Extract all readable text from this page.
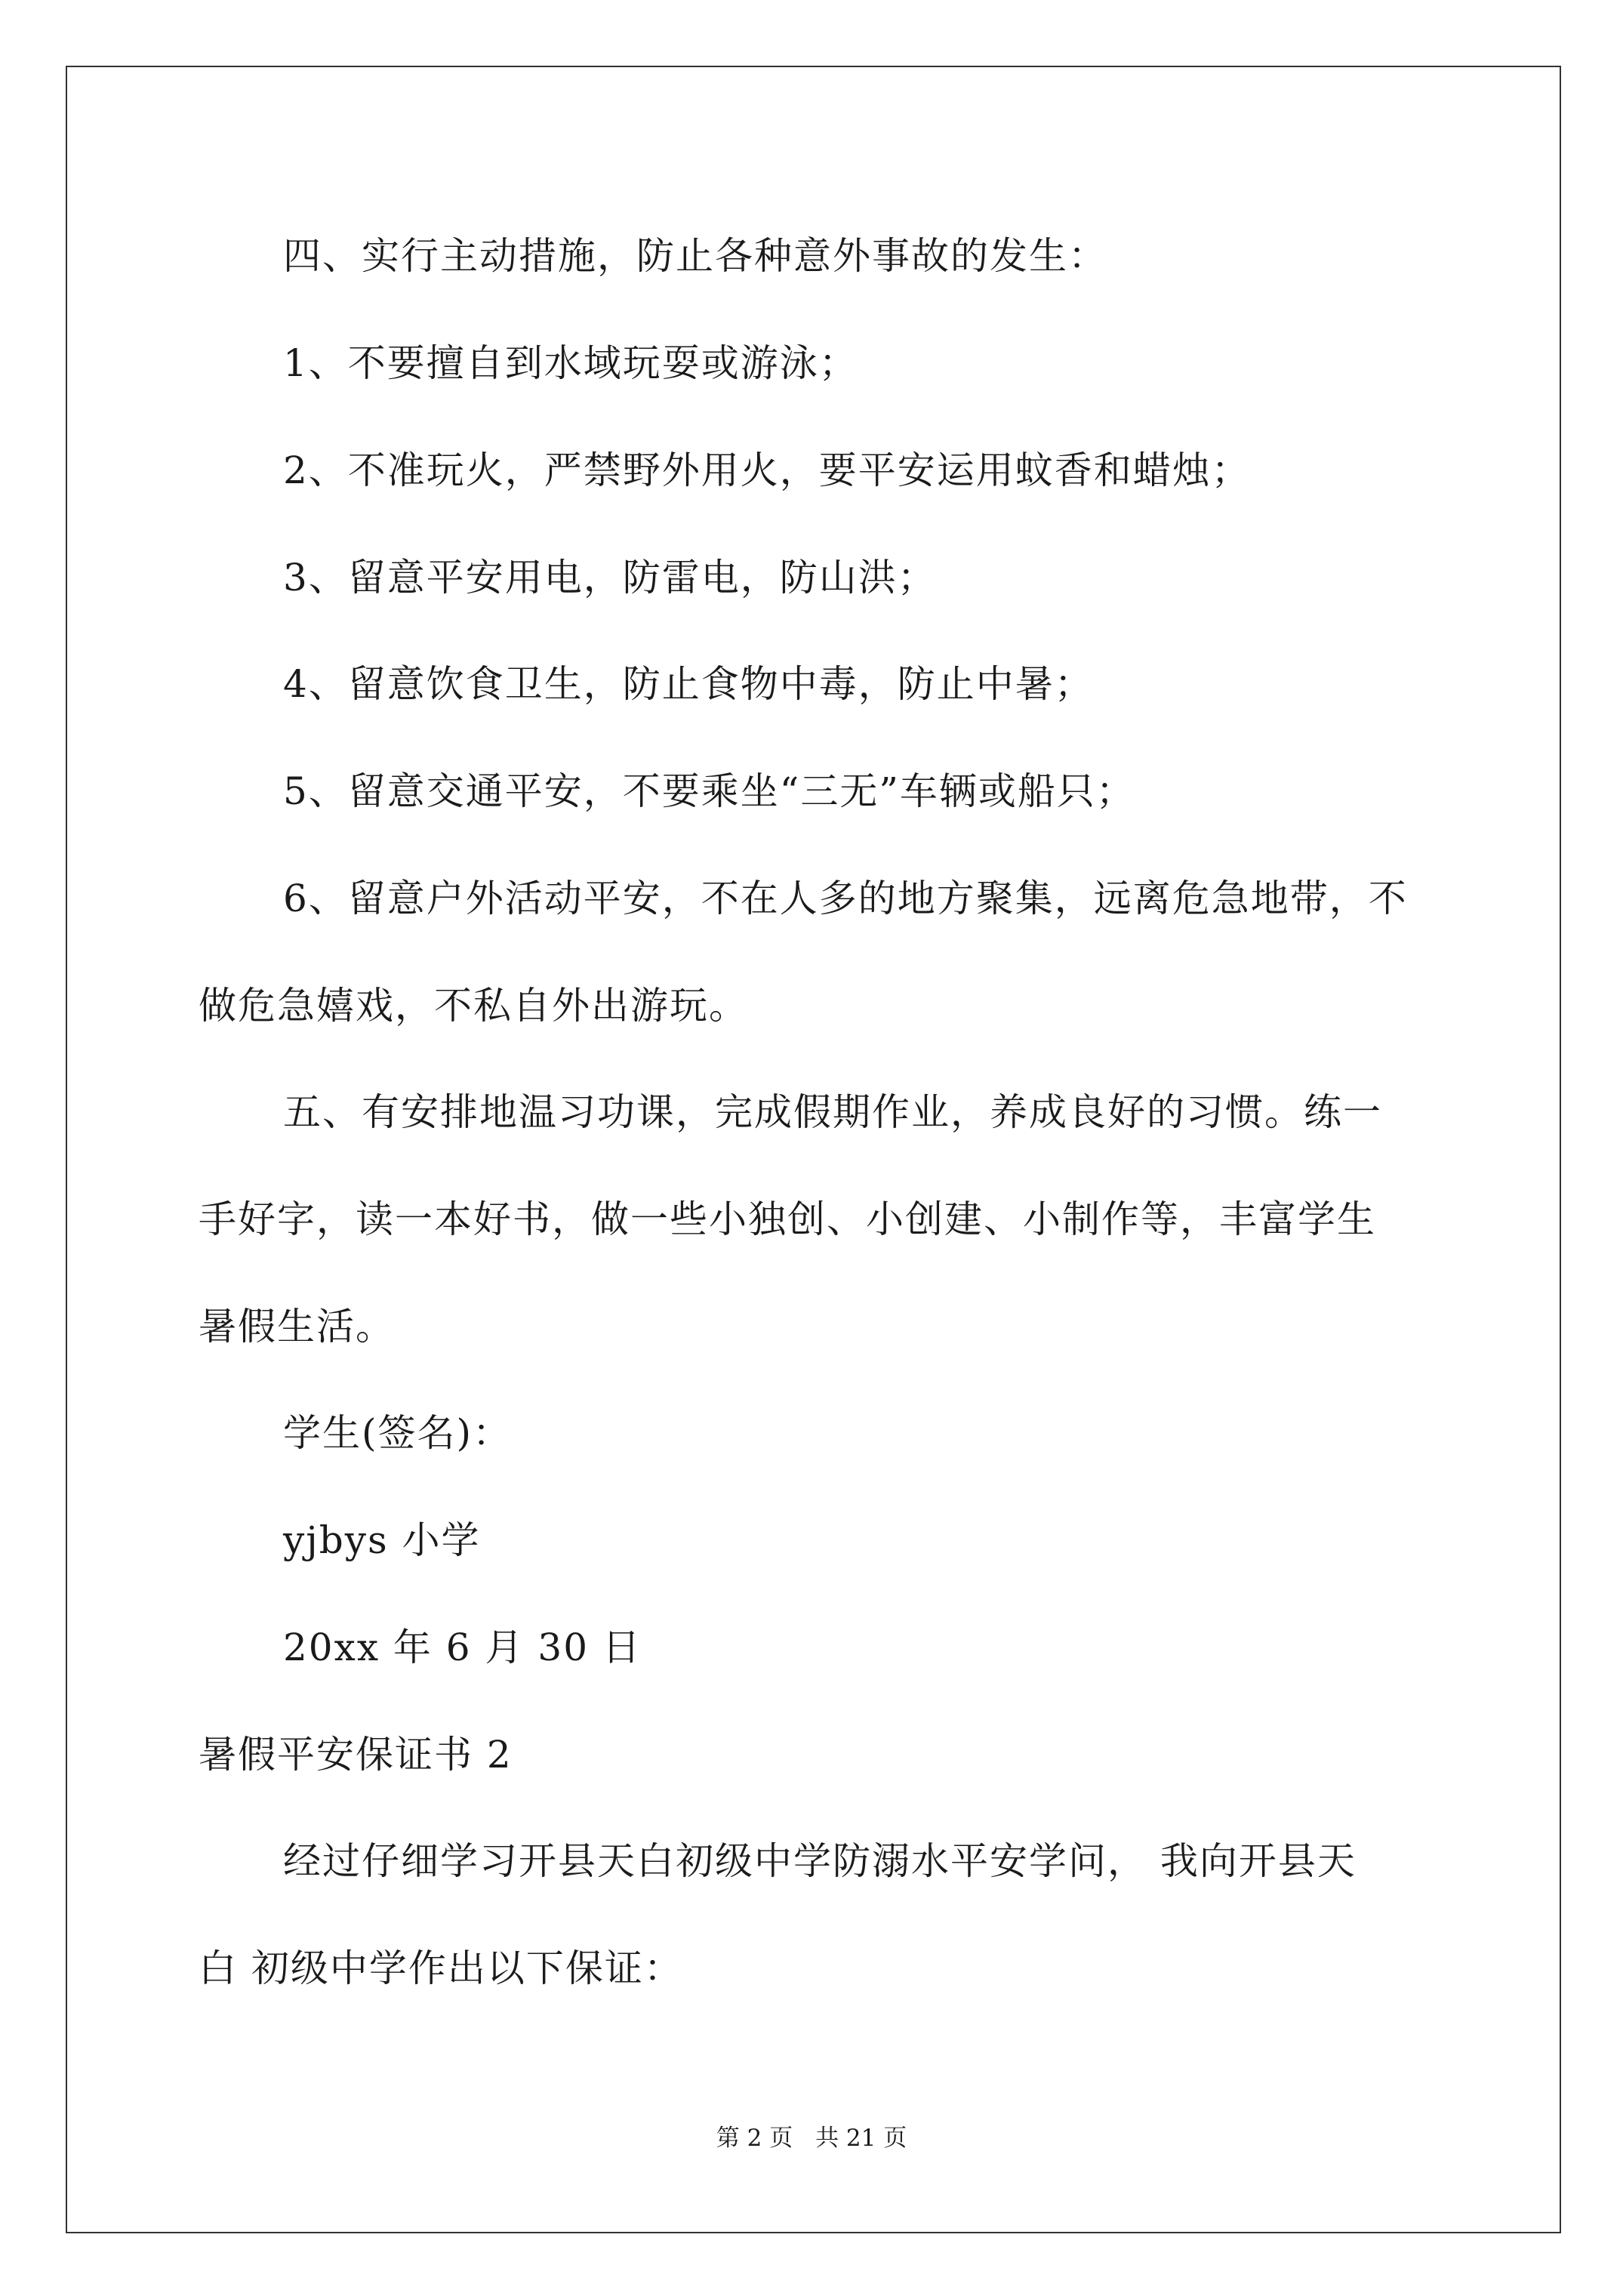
四、实行主动措施，防止各种意外事故的发生：
1、不要擅自到水域玩耍或游泳；
2、不准玩火，严禁野外用火，要平安运用蚊香和蜡烛；
3、留意平安用电，防雷电，防山洪；
4、留意饮食卫生，防止食物中毒，防止中暑；
5、留意交通平安，不要乘坐“三无”车辆或船只；
6、留意户外活动平安，不在人多的地方聚集，远离危急地带，不
做危急嬉戏，不私自外出游玩。
五、有安排地温习功课，完成假期作业，养成良好的习惯。练一
手好字，读一本好书，做一些小独创、小创建、小制作等，丰富学生
暑假生活。
学生(签名)：
yjbys 小学
20xx 年 6 月 30 日
暑假平安保证书 2
经过仔细学习开县天白初级中学防溺水平安学问， 我向开县天
白 初级中学作出以下保证：
第 2 页 共 21 页
